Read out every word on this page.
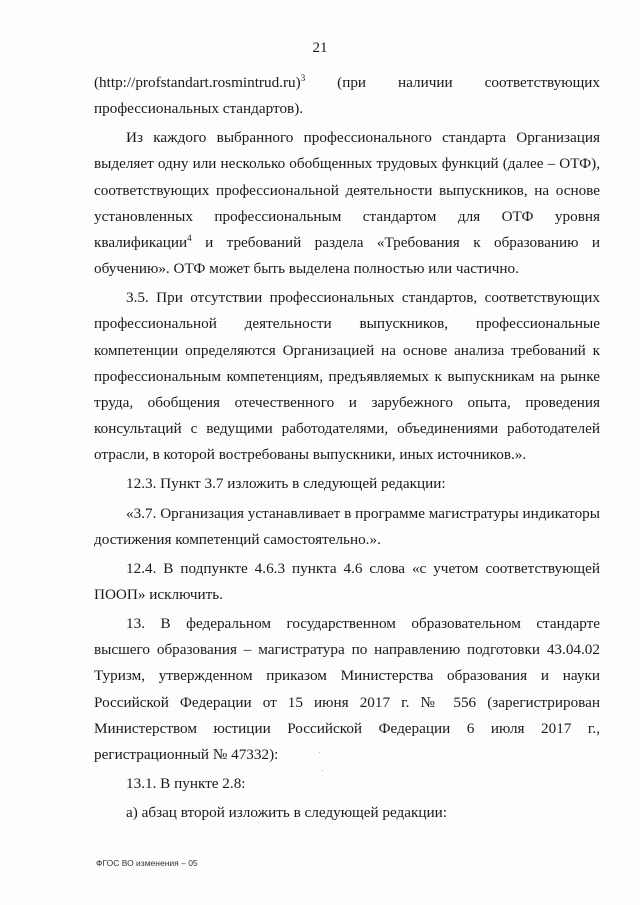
21

(http://profstandart.rosmintrud.ru)$^3$ (при наличии соответствующих профессиональных стандартов).

Из каждого выбранного профессионального стандарта Организация выделяет одну или несколько обобщенных трудовых функций (далее – ОТФ), соответствующих профессиональной деятельности выпускников, на основе установленных профессиональным стандартом для ОТФ уровня квалификации$^4$ и требований раздела «Требования к образованию и обучению». ОТФ может быть выделена полностью или частично.

3.5. При отсутствии профессиональных стандартов, соответствующих профессиональной деятельности выпускников, профессиональные компетенции определяются Организацией на основе анализа требований к профессиональным компетенциям, предъявляемых к выпускникам на рынке труда, обобщения отечественного и зарубежного опыта, проведения консультаций с ведущими работодателями, объединениями работодателей отрасли, в которой востребованы выпускники, иных источников.».

12.3. Пункт 3.7 изложить в следующей редакции:

«3.7. Организация устанавливает в программе магистратуры индикаторы достижения компетенций самостоятельно.».

12.4. В подпункте 4.6.3 пункта 4.6 слова «с учетом соответствующей ПООП» исключить.

13. В федеральном государственном образовательном стандарте высшего образования – магистратура по направлению подготовки 43.04.02 Туризм, утвержденном приказом Министерства образования и науки Российской Федерации от 15 июня 2017 г. № 556 (зарегистрирован Министерством юстиции Российской Федерации 6 июля 2017 г., регистрационный № 47332):

13.1. В пункте 2.8:

а) абзац второй изложить в следующей редакции:

ФГОС ВО изменения – 05
